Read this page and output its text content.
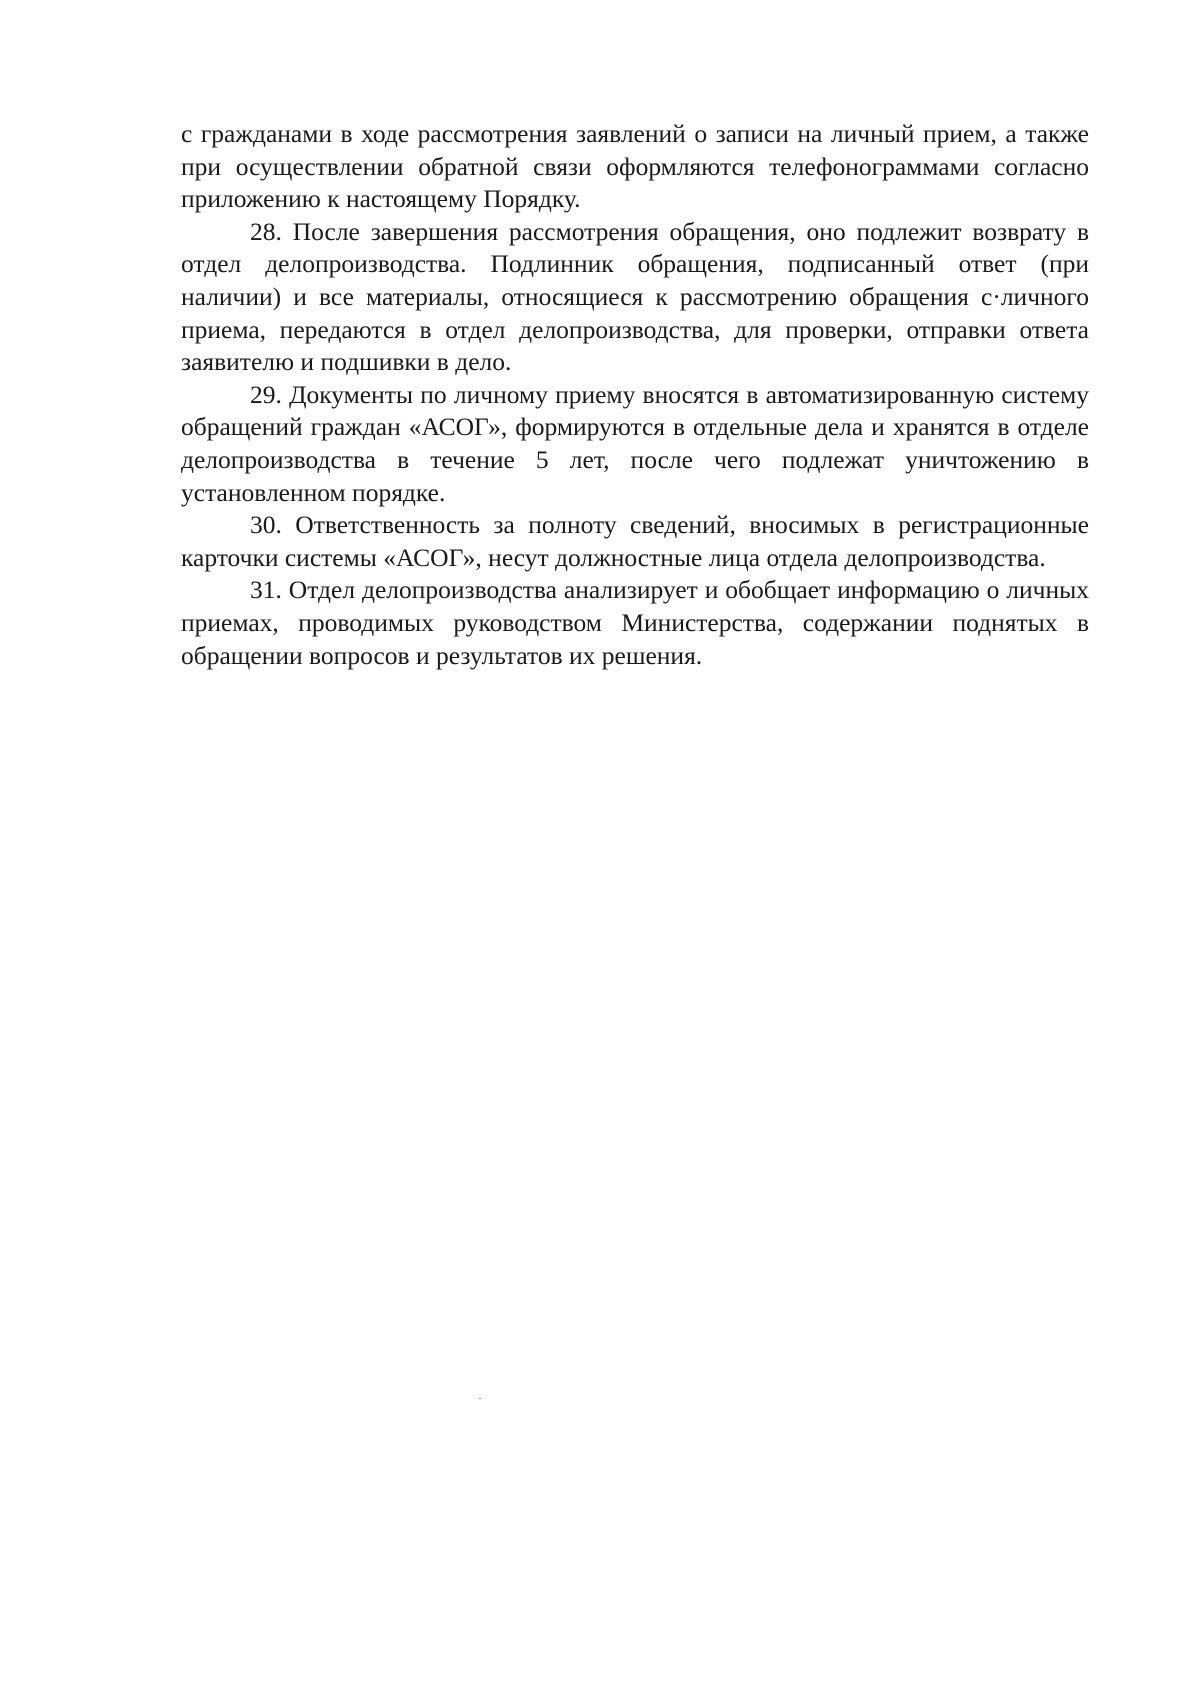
с гражданами в ходе рассмотрения заявлений о записи на личный прием, а также при осуществлении обратной связи оформляются телефонограммами согласно приложению к настоящему Порядку.

28. После завершения рассмотрения обращения, оно подлежит возврату в отдел делопроизводства. Подлинник обращения, подписанный ответ (при наличии) и все материалы, относящиеся к рассмотрению обращения с·личного приема, передаются в отдел делопроизводства, для проверки, отправки ответа заявителю и подшивки в дело.

29. Документы по личному приему вносятся в автоматизированную систему обращений граждан «АСОГ», формируются в отдельные дела и хранятся в отделе делопроизводства в течение 5 лет, после чего подлежат уничтожению в установленном порядке.

30. Ответственность за полноту сведений, вносимых в регистрационные карточки системы «АСОГ», несут должностные лица отдела делопроизводства.

31. Отдел делопроизводства анализирует и обобщает информацию о личных приемах, проводимых руководством Министерства, содержании поднятых в обращении вопросов и результатов их решения.
